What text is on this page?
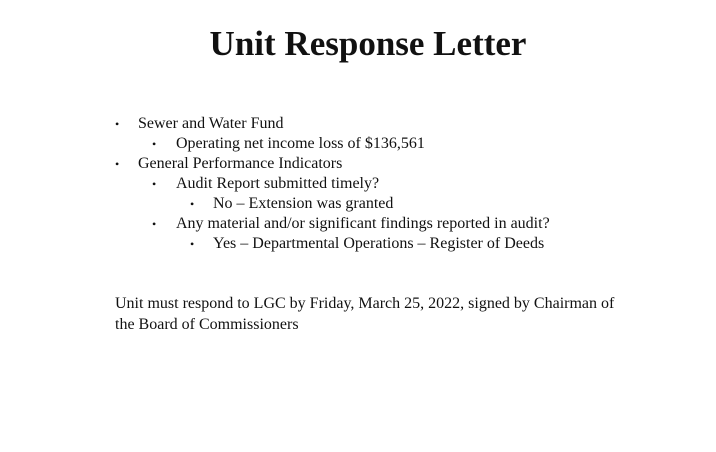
Unit Response Letter
• Sewer and Water Fund
• Operating net income loss of $136,561
• General Performance Indicators
• Audit Report submitted timely?
• No – Extension was granted
• Any material and/or significant findings reported in audit?
• Yes – Departmental Operations – Register of Deeds

Unit must respond to LGC by Friday, March 25, 2022, signed by Chairman of the Board of Commissioners
